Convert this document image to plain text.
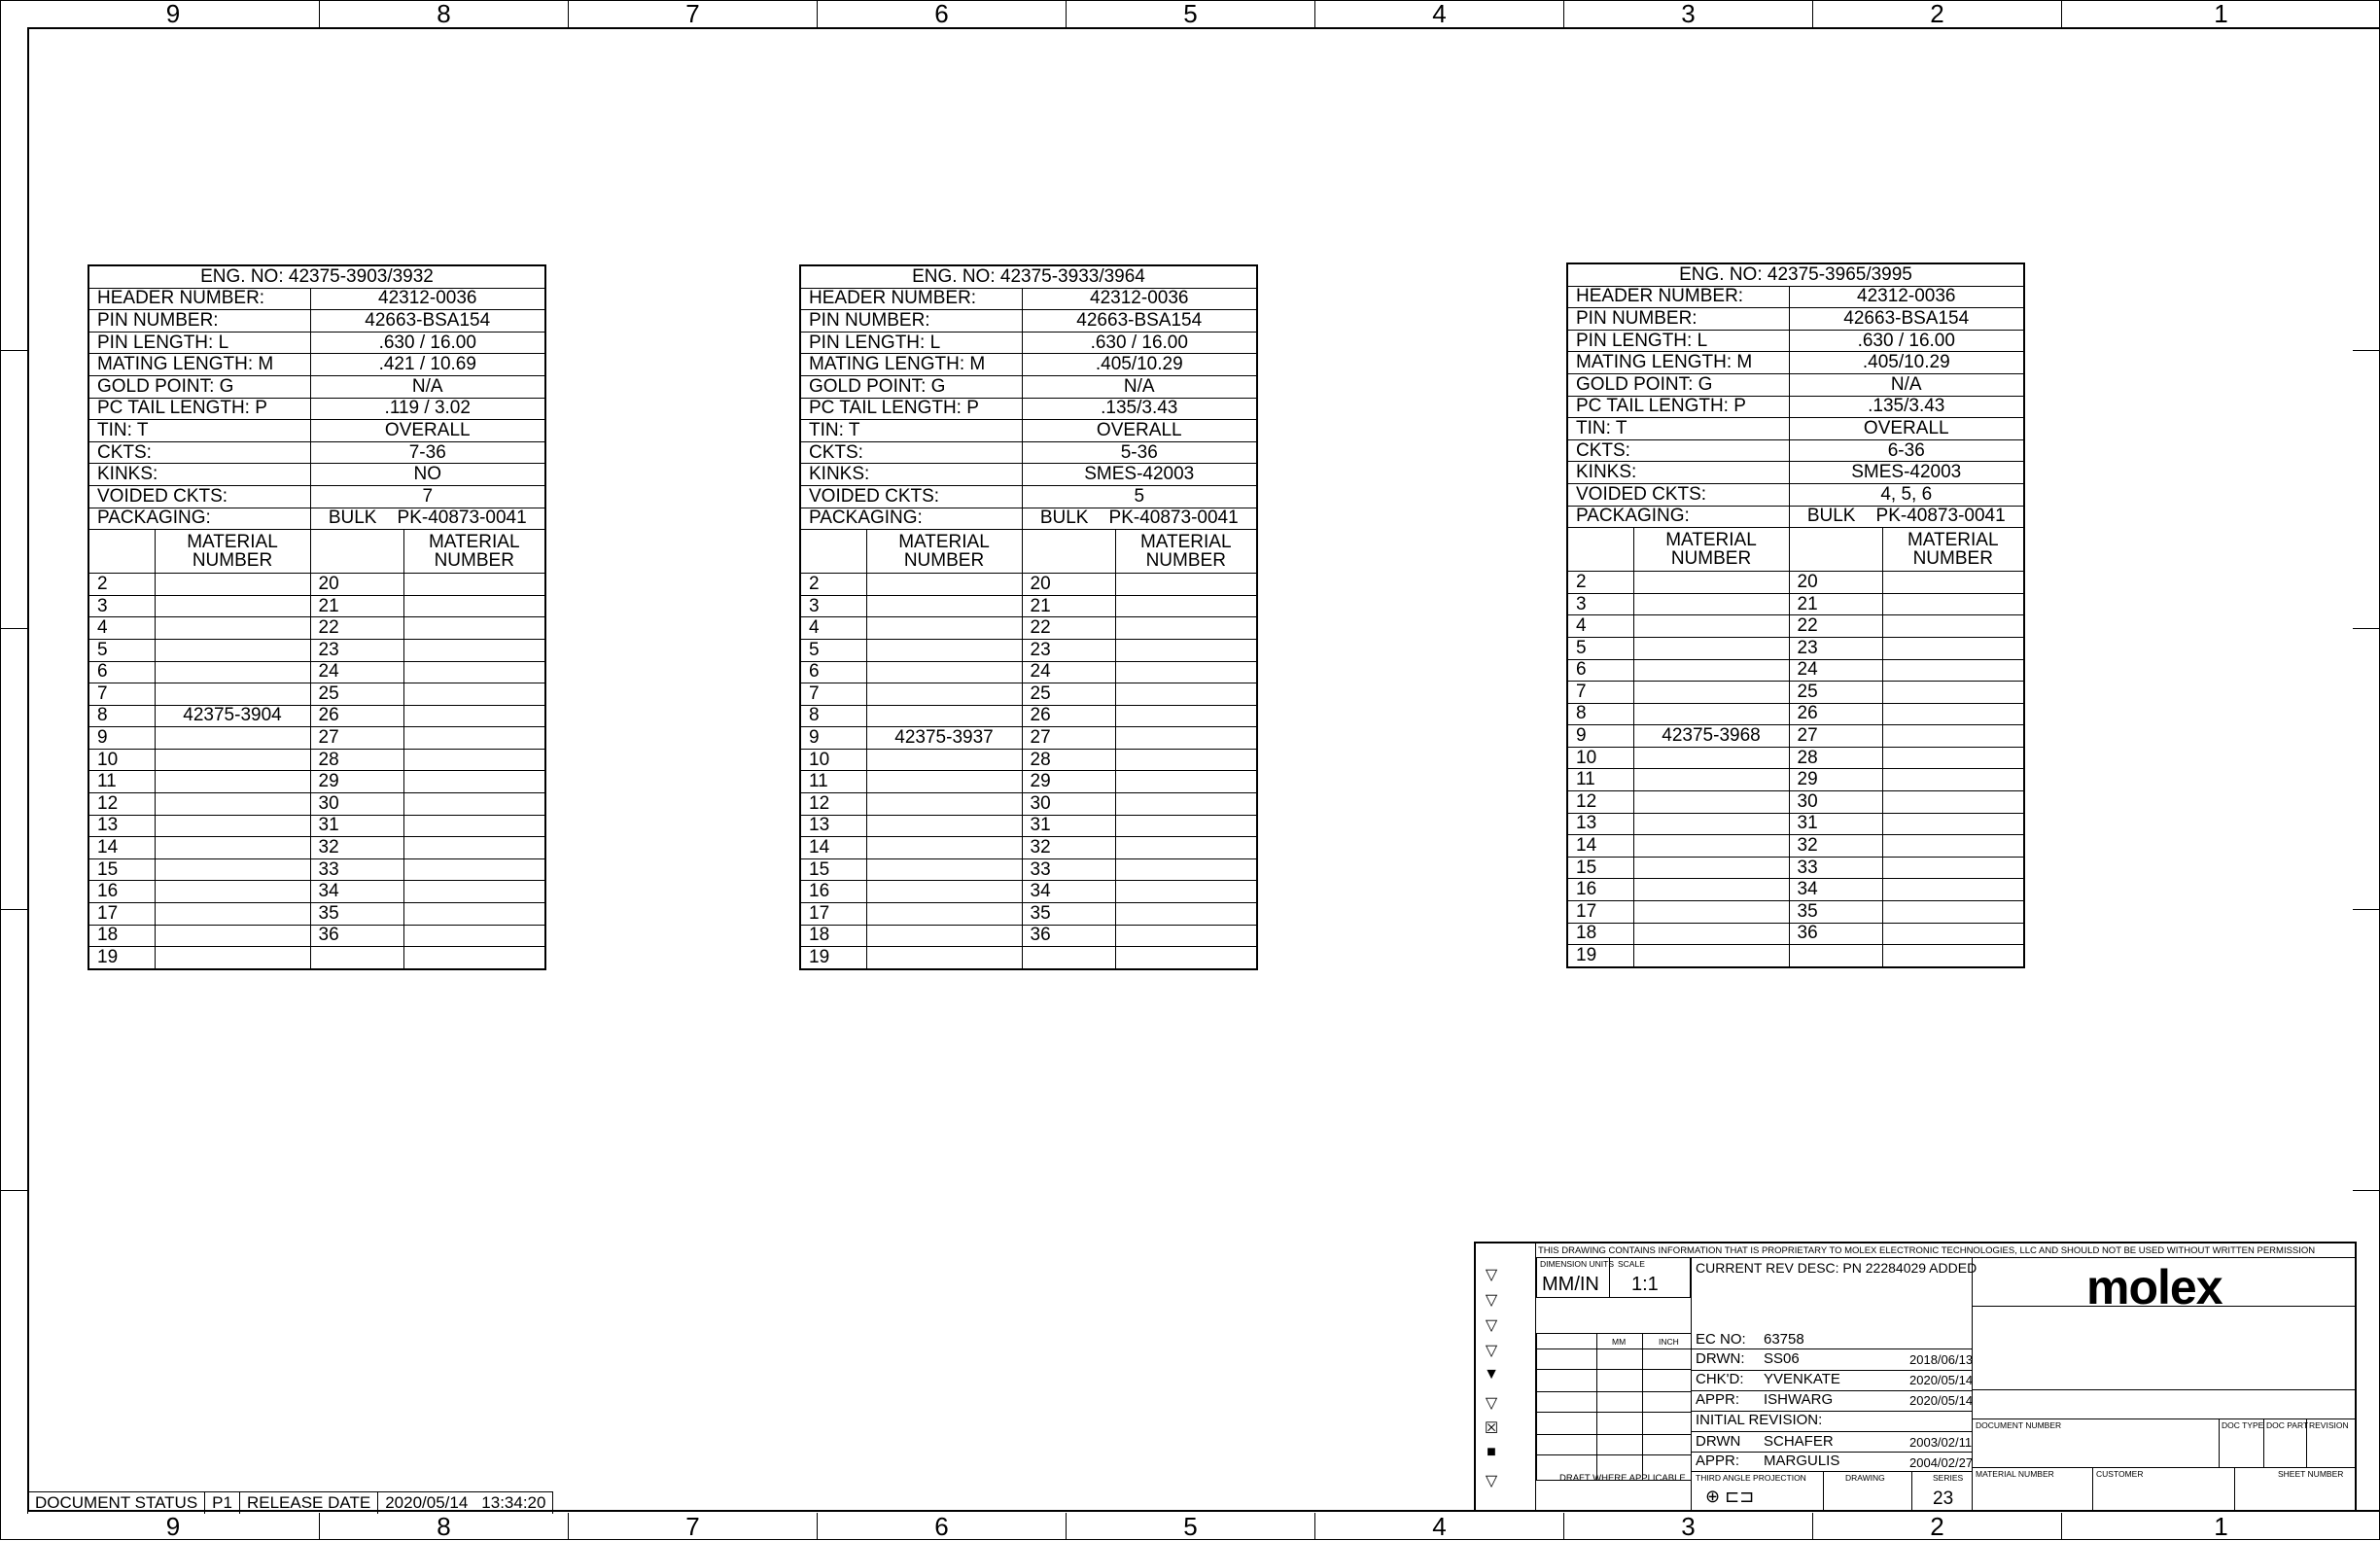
9	8	7	6	5	4	3	2	1
9	8	7	6	5	4	3	2	1
ENG. NO: 42375-3903/3932			
HEADER NUMBER:		42312-0036	
PIN NUMBER:		42663-BSA154	
PIN LENGTH: L		.630 / 16.00	
MATING LENGTH: M		.421 / 10.69	
GOLD POINT: G		N/A	
PC TAIL LENGTH: P		.119 / 3.02	
TIN: T		OVERALL	
CKTS:		7-36	
KINKS:		NO	
VOIDED CKTS:		7	
PACKAGING:		BULK    PK-40873-0041	
	MATERIAL NUMBER		MATERIAL NUMBER
2		20	
3		21	
4		22	
5		23	
6		24	
7		25	
8	42375-3904	26	
9		27	
10		28	
11		29	
12		30	
13		31	
14		32	
15		33	
16		34	
17		35	
18		36	
19			
ENG. NO: 42375-3933/3964			
HEADER NUMBER:		42312-0036	
PIN NUMBER:		42663-BSA154	
PIN LENGTH: L		.630 / 16.00	
MATING LENGTH: M		.405/10.29	
GOLD POINT: G		N/A	
PC TAIL LENGTH: P		.135/3.43	
TIN: T		OVERALL	
CKTS:		5-36	
KINKS:		SMES-42003	
VOIDED CKTS:		5	
PACKAGING:		BULK    PK-40873-0041	
	MATERIAL NUMBER		MATERIAL NUMBER
2		20	
3		21	
4		22	
5		23	
6		24	
7		25	
8		26	
9	42375-3937	27	
10		28	
11		29	
12		30	
13		31	
14		32	
15		33	
16		34	
17		35	
18		36	
19			
ENG. NO: 42375-3965/3995			
HEADER NUMBER:		42312-0036	
PIN NUMBER:		42663-BSA154	
PIN LENGTH: L		.630 / 16.00	
MATING LENGTH: M		.405/10.29	
GOLD POINT: G		N/A	
PC TAIL LENGTH: P		.135/3.43	
TIN: T		OVERALL	
CKTS:		6-36	
KINKS:		SMES-42003	
VOIDED CKTS:		4, 5, 6	
PACKAGING:		BULK    PK-40873-0041	
	MATERIAL NUMBER		MATERIAL NUMBER
2		20	
3		21	
4		22	
5		23	
6		24	
7		25	
8		26	
9	42375-3968	27	
10		28	
11		29	
12		30	
13		31	
14		32	
15		33	
16		34	
17		35	
18		36	
19			
THIS DRAWING CONTAINS INFORMATION THAT IS PROPRIETARY TO MOLEX ELECTRONIC TECHNOLOGIES, LLC AND SHOULD NOT BE USED WITHOUT WRITTEN PERMISSION
▽
▽
▽
▽
▼
▽
☒
■
▽
DIMENSION UNITS SCALE
MM/IN 1:1
MM	INCH
DRAFT WHERE APPLICABLE
CURRENT REV DESC: PN 22284029 ADDED
EC NO: 63758
DRWN: SS06	2018/06/13
CHK'D: YVENKATE	2020/05/14
APPR: ISHWARG	2020/05/14
INITIAL REVISION:
DRWN SCHAFER	2003/02/11
APPR: MARGULIS	2004/02/27
THIRD ANGLE PROJECTION
⊕ ⊏⊐
DRAWING	SERIES
23
molex
DOCUMENT NUMBER	DOC TYPE DOC PART REVISION
MATERIAL NUMBER	CUSTOMER	SHEET NUMBER
DOCUMENT STATUS P1 RELEASE DATE 2020/05/14 13:34:20
